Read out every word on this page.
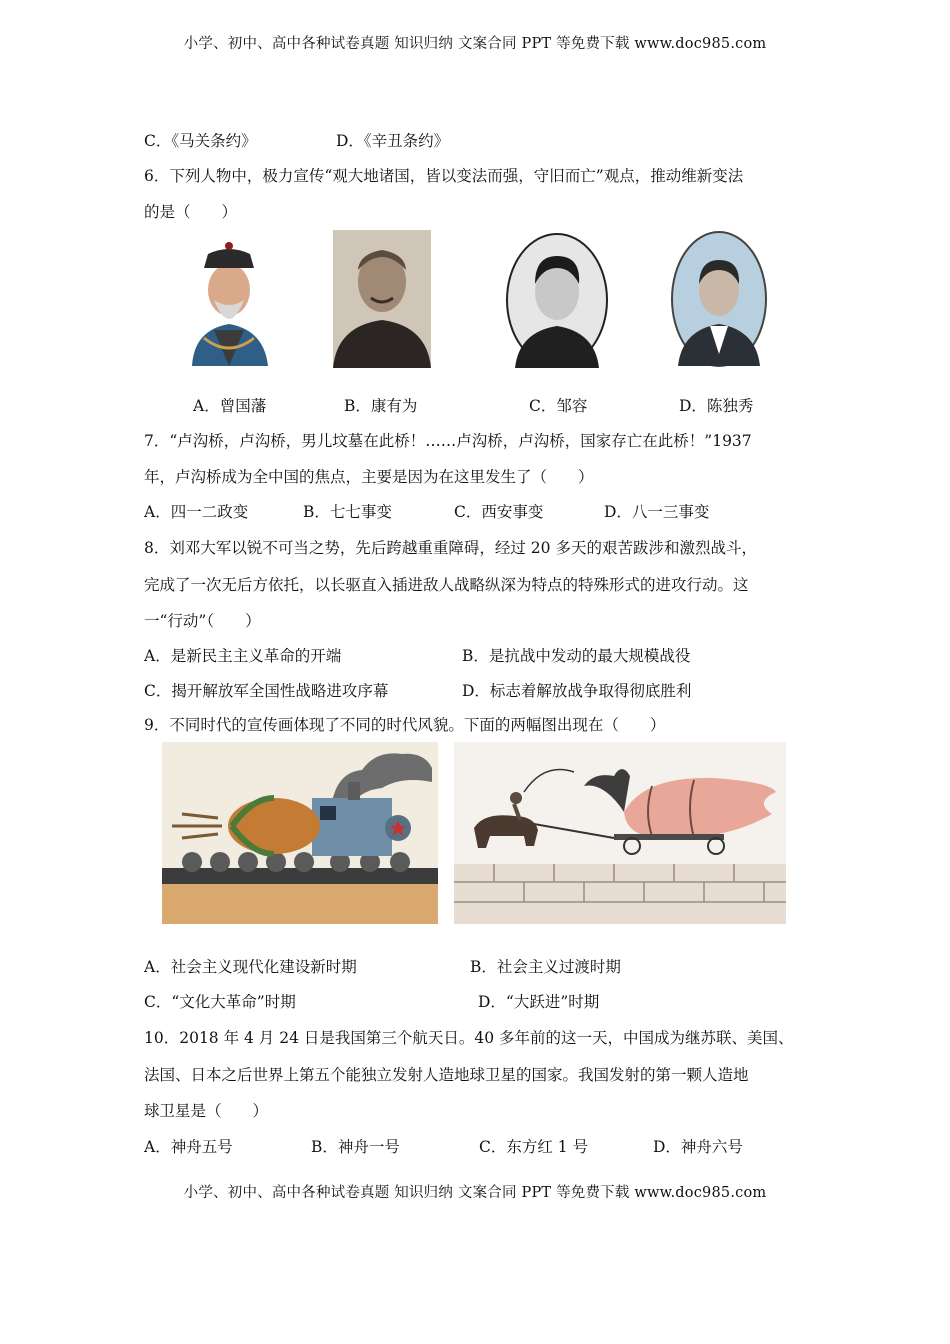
小学、初中、高中各种试卷真题 知识归纳 文案合同 PPT 等免费下载 www.doc985.com
C．《马关条约》	D．《辛丑条约》
6．下列人物中，极力宣传“观大地诸国，皆以变法而强，守旧而亡”观点，推动维新变法
的是（　　）
A．曾国藩	B．康有为	C．邹容	D．陈独秀
7．“卢沟桥，卢沟桥，男儿坟墓在此桥！……卢沟桥，卢沟桥，国家存亡在此桥！”1937
年，卢沟桥成为全中国的焦点，主要是因为在这里发生了（　　）
A．四一二政变	B．七七事变	C．西安事变	D．八一三事变
8．刘邓大军以锐不可当之势，先后跨越重重障碍，经过 20 多天的艰苦跋涉和激烈战斗，
完成了一次无后方依托，以长驱直入插进敌人战略纵深为特点的特殊形式的进攻行动。这
一“行动”（　　）
A．是新民主主义革命的开端	B．是抗战中发动的最大规模战役
C．揭开解放军全国性战略进攻序幕	D．标志着解放战争取得彻底胜利
9．不同时代的宣传画体现了不同的时代风貌。下面的两幅图出现在（　　）
A．社会主义现代化建设新时期	B．社会主义过渡时期
C．“文化大革命”时期	D．“大跃进”时期
10．2018 年 4 月 24 日是我国第三个航天日。40 多年前的这一天，中国成为继苏联、美国、
法国、日本之后世界上第五个能独立发射人造地球卫星的国家。我国发射的第一颗人造地
球卫星是（　　）
A．神舟五号	B．神舟一号	C．东方红 1 号	D．神舟六号
小学、初中、高中各种试卷真题 知识归纳 文案合同 PPT 等免费下载 www.doc985.com
